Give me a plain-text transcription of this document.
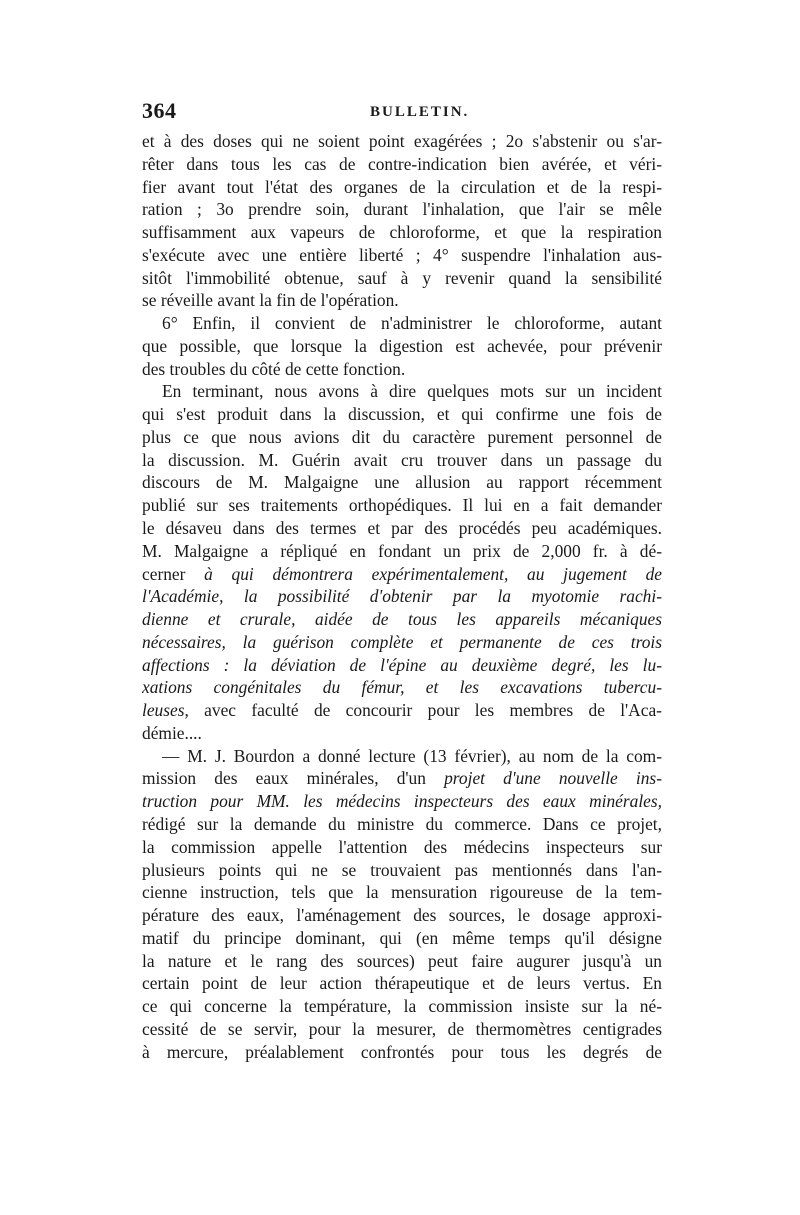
364	BULLETIN.
et à des doses qui ne soient point exagérées ; 2o s'abstenir ou s'ar-
rêter dans tous les cas de contre-indication bien avérée, et véri-
fier avant tout l'état des organes de la circulation et de la respi-
ration ; 3o prendre soin, durant l'inhalation, que l'air se mêle
suffisamment aux vapeurs de chloroforme, et que la respiration
s'exécute avec une entière liberté ; 4° suspendre l'inhalation aus-
sitôt l'immobilité obtenue, sauf à y revenir quand la sensibilité
se réveille avant la fin de l'opération.
6° Enfin, il convient de n'administrer le chloroforme, autant
que possible, que lorsque la digestion est achevée, pour prévenir
des troubles du côté de cette fonction.
En terminant, nous avons à dire quelques mots sur un incident
qui s'est produit dans la discussion, et qui confirme une fois de
plus ce que nous avions dit du caractère purement personnel de
la discussion. M. Guérin avait cru trouver dans un passage du
discours de M. Malgaigne une allusion au rapport récemment
publié sur ses traitements orthopédiques. Il lui en a fait demander
le désaveu dans des termes et par des procédés peu académiques.
M. Malgaigne a répliqué en fondant un prix de 2,000 fr. à dé-
cerner à qui démontrera expérimentalement, au jugement de
l'Académie, la possibilité d'obtenir par la myotomie rachi-
dienne et crurale, aidée de tous les appareils mécaniques
nécessaires, la guérison complète et permanente de ces trois
affections : la déviation de l'épine au deuxième degré, les lu-
xations congénitales du fémur, et les excavations tubercu-
leuses, avec faculté de concourir pour les membres de l'Aca-
démie....
— M. J. Bourdon a donné lecture (13 février), au nom de la com-
mission des eaux minérales, d'un projet d'une nouvelle ins-
truction pour MM. les médecins inspecteurs des eaux minérales,
rédigé sur la demande du ministre du commerce. Dans ce projet,
la commission appelle l'attention des médecins inspecteurs sur
plusieurs points qui ne se trouvaient pas mentionnés dans l'an-
cienne instruction, tels que la mensuration rigoureuse de la tem-
pérature des eaux, l'aménagement des sources, le dosage approxi-
matif du principe dominant, qui (en même temps qu'il désigne
la nature et le rang des sources) peut faire augurer jusqu'à un
certain point de leur action thérapeutique et de leurs vertus. En
ce qui concerne la température, la commission insiste sur la né-
cessité de se servir, pour la mesurer, de thermomètres centigrades
à mercure, préalablement confrontés pour tous les degrés de
